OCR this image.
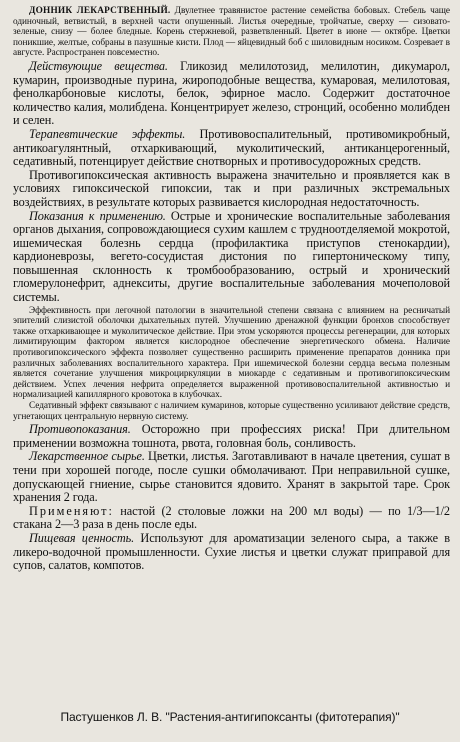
ДОННИК ЛЕКАРСТВЕННЫЙ. Двулетнее травянистое растение семейства бобовых. Стебель чаще одиночный, ветвистый, в верхней части опушенный. Листья очередные, тройчатые, сверху — сизовато-зеленые, снизу — более бледные. Корень стержневой, разветвленный. Цветет в июне — октябре. Цветки поникшие, желтые, собраны в пазушные кисти. Плод — яйцевидный боб с шиловидным носиком. Созревает в августе. Распространен повсеместно.

Действующие вещества. Гликозид мелилотозид, мелилотин, дикумарол, кумарин, производные пурина, жироподобные вещества, кумаровая, мелилотовая, фенолкарбоновые кислоты, белок, эфирное масло. Содержит достаточное количество калия, молибдена. Концентрирует железо, стронций, особенно молибден и селен.

Терапевтические эффекты. Противовоспалительный, противомикробный, антикоагулянтный, отхаркивающий, муколитический, антиканцерогенный, седативный, потенцирует действие снотворных и противосудорожных средств.

Противогипоксическая активность выражена значительно и проявляется как в условиях гипоксической гипоксии, так и при различных экстремальных воздействиях, в результате которых развивается кислородная недостаточность.

Показания к применению. Острые и хронические воспалительные заболевания органов дыхания, сопровождающиеся сухим кашлем с трудноотделяемой мокротой, ишемическая болезнь сердца (профилактика приступов стенокардии), кардионеврозы, вегето-сосудистая дистония по гипертоническому типу, повышенная склонность к тромбообразованию, острый и хронический гломерулонефрит, аднекситы, другие воспалительные заболевания мочеполовой системы.

Эффективность при легочной патологии в значительной степени связана с влиянием на ресничатый эпителий слизистой оболочки дыхательных путей. Улучшению дренажной функции бронхов способствует также отхаркивающее и муколитическое действие. При этом ускоряются процессы регенерации, для которых лимитирующим фактором является кислородное обеспечение энергетического обмена. Наличие противогипоксического эффекта позволяет существенно расширить применение препаратов донника при различных заболеваниях воспалительного характера. При ишемической болезни сердца весьма полезным является сочетание улучшения микроциркуляции в миокарде с седативным и противогипоксическим действием. Успех лечения нефрита определяется выраженной противовоспалительной активностью и нормализацией капиллярного кровотока в клубочках.

Седативный эффект связывают с наличием кумаринов, которые существенно усиливают действие средств, угнетающих центральную нервную систему.

Противопоказания. Осторожно при профессиях риска! При длительном применении возможна тошнота, рвота, головная боль, сонливость.

Лекарственное сырье. Цветки, листья. Заготавливают в начале цветения, сушат в тени при хорошей погоде, после сушки обмолачивают. При неправильной сушке, допускающей гниение, сырье становится ядовито. Хранят в закрытой таре. Срок хранения 2 года.

Применяют: настой (2 столовые ложки на 200 мл воды) — по 1/3—1/2 стакана 2—3 раза в день после еды.

Пищевая ценность. Используют для ароматизации зеленого сыра, а также в ликеро-водочной промышленности. Сухие листья и цветки служат приправой для супов, салатов, компотов.

Пастушенков Л. В. "Растения-антигипоксанты (фитотерапия)"
